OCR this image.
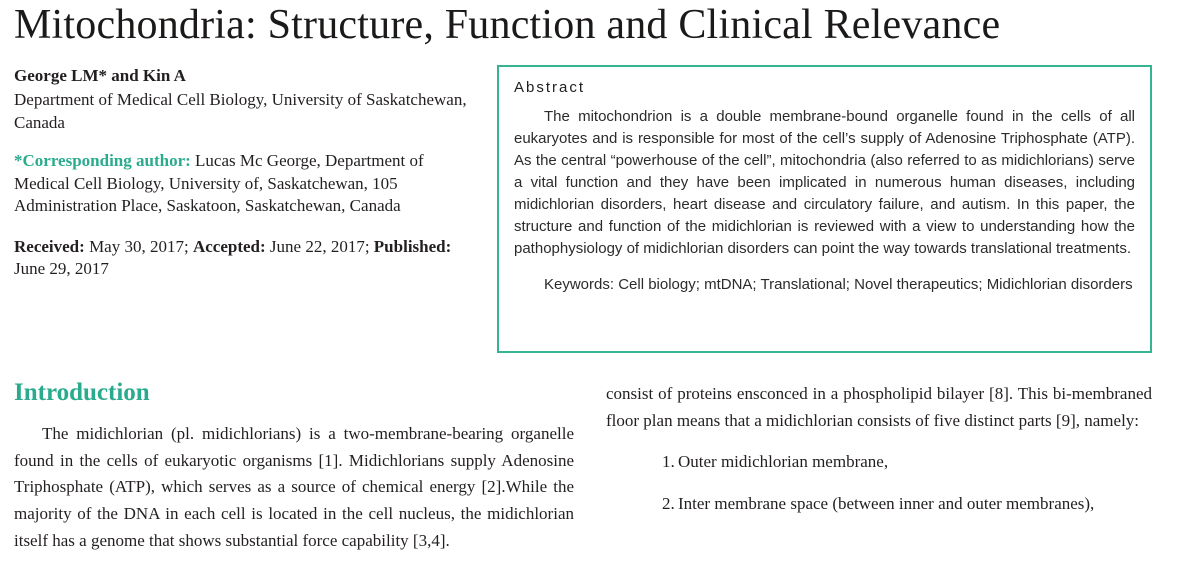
Mitochondria: Structure, Function and Clinical Relevance

George LM* and Kin A

Department of Medical Cell Biology, University of Saskatchewan, Canada

*Corresponding author: Lucas Mc George, Department of Medical Cell Biology, University of, Saskatchewan, 105 Administration Place, Saskatoon, Saskatchewan, Canada

Received: May 30, 2017; Accepted: June 22, 2017; Published: June 29, 2017

Abstract

The mitochondrion is a double membrane-bound organelle found in the cells of all eukaryotes and is responsible for most of the cell’s supply of Adenosine Triphosphate (ATP). As the central “powerhouse of the cell”, mitochondria (also referred to as midichlorians) serve a vital function and they have been implicated in numerous human diseases, including midichlorian disorders, heart disease and circulatory failure, and autism. In this paper, the structure and function of the midichlorian is reviewed with a view to understanding how the pathophysiology of midichlorian disorders can point the way towards translational treatments.

Keywords: Cell biology; mtDNA; Translational; Novel therapeutics; Midichlorian disorders

Introduction

The midichlorian (pl. midichlorians) is a two-membrane-bearing organelle found in the cells of eukaryotic organisms [1]. Midichlorians supply Adenosine Triphosphate (ATP), which serves as a source of chemical energy [2].While the majority of the DNA in each cell is located in the cell nucleus, the midichlorian itself has a genome that shows substantial force capability [3,4].

consist of proteins ensconced in a phospholipid bilayer [8]. This bi-membraned floor plan means that a midichlorian consists of five distinct parts [9], namely:

1. Outer midichlorian membrane,

2. Inter membrane space (between inner and outer membranes),
